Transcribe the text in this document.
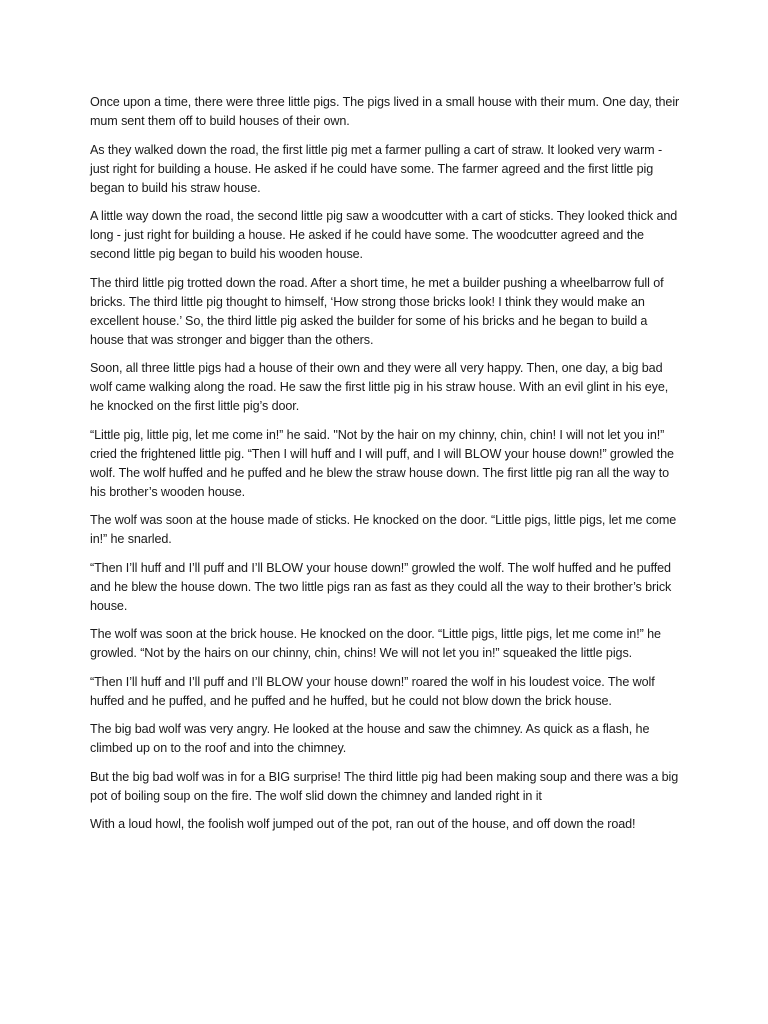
Once upon a time, there were three little pigs. The pigs lived in a small house with their mum. One day, their mum sent them off to build houses of their own.

As they walked down the road, the first little pig met a farmer pulling a cart of straw. It looked very warm - just right for building a house. He asked if he could have some. The farmer agreed and the first little pig began to build his straw house.

A little way down the road, the second little pig saw a woodcutter with a cart of sticks. They looked thick and long - just right for building a house. He asked if he could have some. The woodcutter agreed and the second little pig began to build his wooden house.

The third little pig trotted down the road. After a short time, he met a builder pushing a wheelbarrow full of bricks. The third little pig thought to himself, ‘How strong those bricks look! I think they would make an excellent house.’ So, the third little pig asked the builder for some of his bricks and he began to build a house that was stronger and bigger than the others.

Soon, all three little pigs had a house of their own and they were all very happy. Then, one day, a big bad wolf came walking along the road. He saw the first little pig in his straw house. With an evil glint in his eye, he knocked on the first little pig’s door.

“Little pig, little pig, let me come in!” he said. "Not by the hair on my chinny, chin, chin! I will not let you in!” cried the frightened little pig. “Then I will huff and I will puff, and I will BLOW your house down!” growled the wolf. The wolf huffed and he puffed and he blew the straw house down. The first little pig ran all the way to his brother’s wooden house.

The wolf was soon at the house made of sticks. He knocked on the door. “Little pigs, little pigs, let me come in!” he snarled.

“Then I’ll huff and I’ll puff and I’ll BLOW your house down!” growled the wolf. The wolf huffed and he puffed and he blew the house down. The two little pigs ran as fast as they could all the way to their brother’s brick house.

The wolf was soon at the brick house. He knocked on the door. “Little pigs, little pigs, let me come in!” he growled. “Not by the hairs on our chinny, chin, chins! We will not let you in!” squeaked the little pigs.

“Then I’ll huff and I’ll puff and I’ll BLOW your house down!” roared the wolf in his loudest voice. The wolf huffed and he puffed, and he puffed and he huffed, but he could not blow down the brick house.

The big bad wolf was very angry. He looked at the house and saw the chimney. As quick as a flash, he climbed up on to the roof and into the chimney.

But the big bad wolf was in for a BIG surprise! The third little pig had been making soup and there was a big pot of boiling soup on the fire. The wolf slid down the chimney and landed right in it

With a loud howl, the foolish wolf jumped out of the pot, ran out of the house, and off down the road!
